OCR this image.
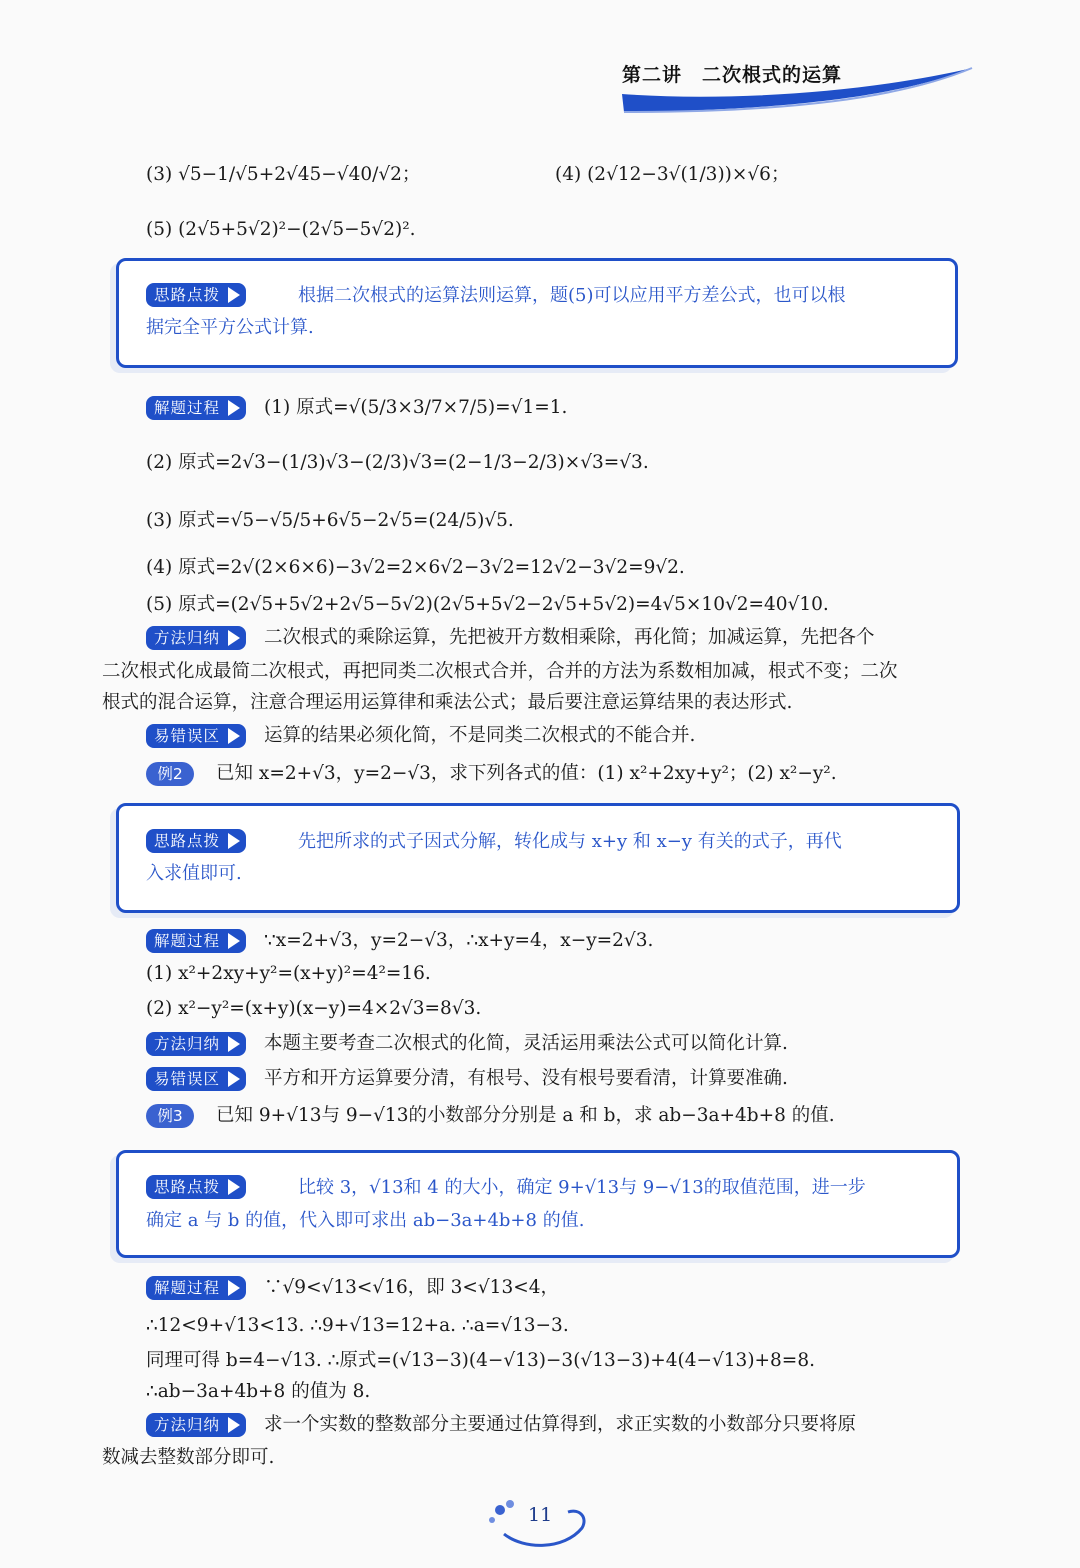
第二讲　二次根式的运算
(3) √5−1/√5+2√45−√40/√2；	(4) (2√12−3√(1/3))×√6；
(5) (2√5+5√2)²−(2√5−5√2)².
思路点拨	根据二次根式的运算法则运算，题(5)可以应用平方差公式，也可以根
据完全平方公式计算.
解题过程 (1) 原式=√(5/3×3/7×7/5)=√1=1.
(2) 原式=2√3−(1/3)√3−(2/3)√3=(2−1/3−2/3)×√3=√3.
(3) 原式=√5−√5/5+6√5−2√5=(24/5)√5.
(4) 原式=2√(2×6×6)−3√2=2×6√2−3√2=12√2−3√2=9√2.
(5) 原式=(2√5+5√2+2√5−5√2)(2√5+5√2−2√5+5√2)=4√5×10√2=40√10.
方法归纳 二次根式的乘除运算，先把被开方数相乘除，再化简；加减运算，先把各个
二次根式化成最简二次根式，再把同类二次根式合并，合并的方法为系数相加减，根式不变；二次
根式的混合运算，注意合理运用运算律和乘法公式；最后要注意运算结果的表达形式.
易错误区 运算的结果必须化简，不是同类二次根式的不能合并.
例2 已知 x=2+√3，y=2−√3，求下列各式的值：(1) x²+2xy+y²；(2) x²−y².
思路点拨	先把所求的式子因式分解，转化成与 x+y 和 x−y 有关的式子，再代
入求值即可.
解题过程 ∵x=2+√3，y=2−√3，∴x+y=4，x−y=2√3.
(1) x²+2xy+y²=(x+y)²=4²=16.
(2) x²−y²=(x+y)(x−y)=4×2√3=8√3.
方法归纳 本题主要考查二次根式的化简，灵活运用乘法公式可以简化计算.
易错误区 平方和开方运算要分清，有根号、没有根号要看清，计算要准确.
例3 已知 9+√13与 9−√13的小数部分分别是 a 和 b，求 ab−3a+4b+8 的值.
思路点拨	比较 3，√13和 4 的大小，确定 9+√13与 9−√13的取值范围，进一步
确定 a 与 b 的值，代入即可求出 ab−3a+4b+8 的值.
解题过程 ∵√9<√13<√16，即 3<√13<4，
∴12<9+√13<13. ∴9+√13=12+a. ∴a=√13−3.
同理可得 b=4−√13. ∴原式=(√13−3)(4−√13)−3(√13−3)+4(4−√13)+8=8.
∴ab−3a+4b+8 的值为 8.
方法归纳 求一个实数的整数部分主要通过估算得到，求正实数的小数部分只要将原
数减去整数部分即可.
11
